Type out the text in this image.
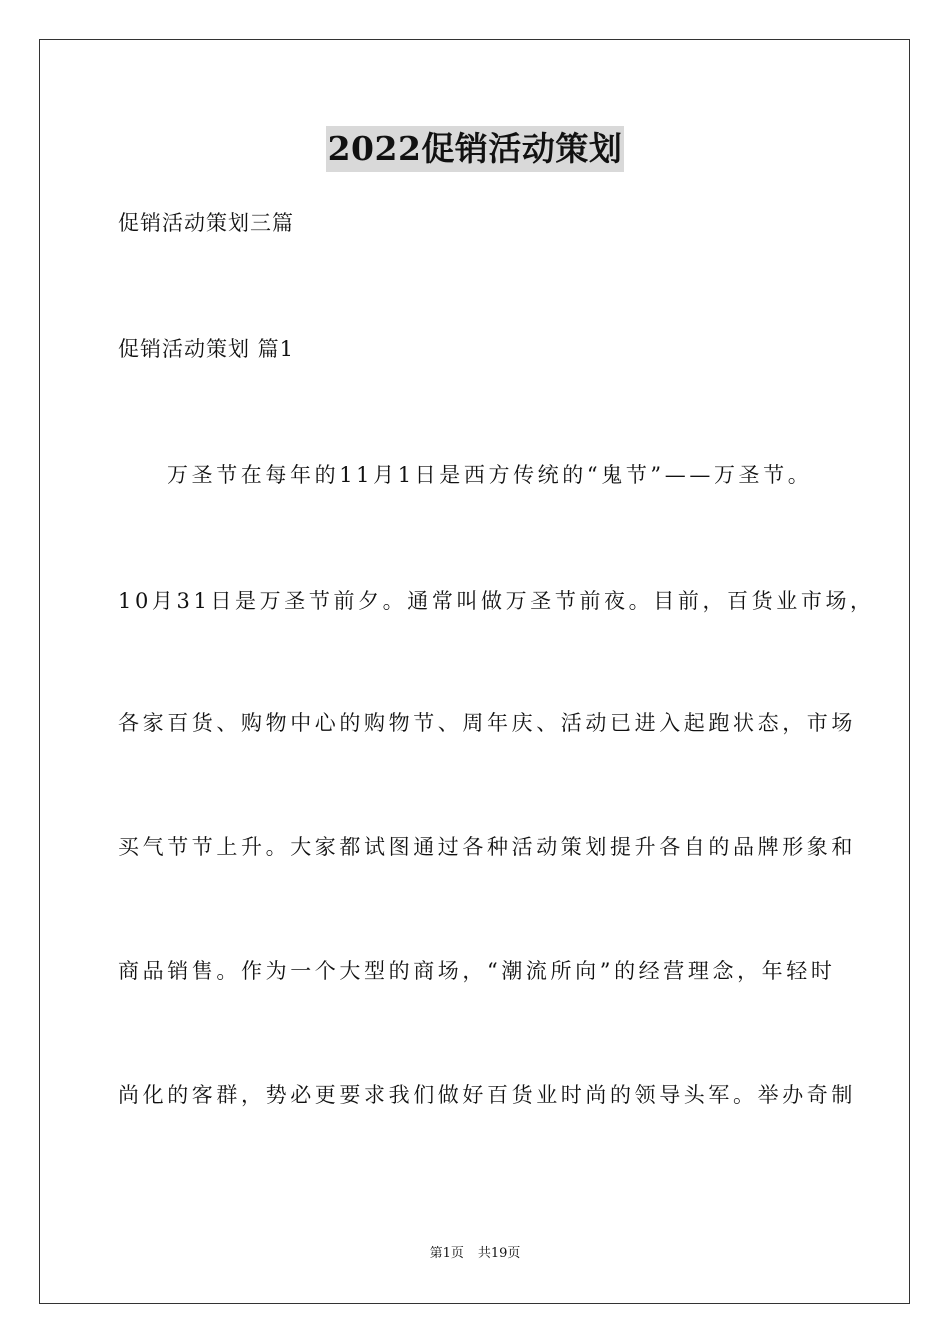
2022促销活动策划
促销活动策划三篇
促销活动策划 篇1
万圣节在每年的11月1日是西方传统的“鬼节”——万圣节。
10月31日是万圣节前夕。通常叫做万圣节前夜。目前，百货业市场，
各家百货、购物中心的购物节、周年庆、活动已进入起跑状态，市场
买气节节上升。大家都试图通过各种活动策划提升各自的品牌形象和
商品销售。作为一个大型的商场，“潮流所向”的经营理念，年轻时
尚化的客群，势必更要求我们做好百货业时尚的领导头军。举办奇制
第1页 共19页
